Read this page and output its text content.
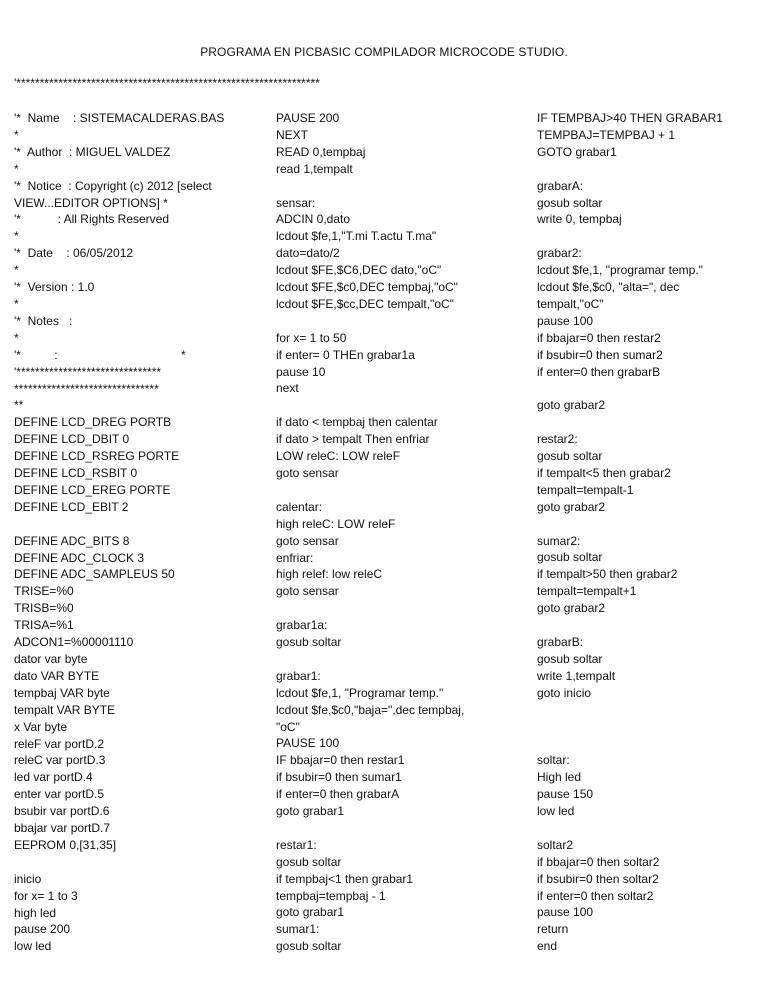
PROGRAMA EN PICBASIC COMPILADOR MICROCODE STUDIO.
'*****************************************************************
'*  Name    : SISTEMACALDERAS.BAS
*
'*  Author  : MIGUEL VALDEZ
*
'*  Notice  : Copyright (c) 2012 [select
VIEW...EDITOR OPTIONS] *
'*           : All Rights Reserved
*
'*  Date    : 06/05/2012
*
'*  Version : 1.0
*
'*  Notes   :
*
'*          :                                     *
'*******************************
*******************************
**
DEFINE LCD_DREG PORTB
DEFINE LCD_DBIT 0
DEFINE LCD_RSREG PORTE
DEFINE LCD_RSBIT 0
DEFINE LCD_EREG PORTE
DEFINE LCD_EBIT 2
DEFINE ADC_BITS 8
DEFINE ADC_CLOCK 3
DEFINE ADC_SAMPLEUS 50
TRISE=%0
TRISB=%0
TRISA=%1
ADCON1=%00001110
dator var byte
dato VAR BYTE
tempbaj VAR byte
tempalt VAR BYTE
x Var byte
releF var portD.2
releC var portD.3
led var portD.4
enter var portD.5
bsubir var portD.6
bbajar var portD.7
EEPROM 0,[31,35]
inicio
for x= 1 to 3
high led
pause 200
low led
PAUSE 200
NEXT
READ 0,tempbaj
read 1,tempalt
sensar:
ADCIN 0,dato
lcdout $fe,1,"T.mi T.actu T.ma"
dato=dato/2
lcdout $FE,$C6,DEC dato,"oC"
lcdout $FE,$c0,DEC tempbaj,"oC"
lcdout $FE,$cc,DEC tempalt,"oC"
for x= 1 to 50
if enter= 0 THEn grabar1a
pause 10
next
if dato < tempbaj then calentar
if dato > tempalt Then enfriar
LOW releC: LOW releF
goto sensar
calentar:
high releC: LOW releF
goto sensar
enfriar:
high relef: low releC
goto sensar
grabar1a:
gosub soltar
grabar1:
lcdout $fe,1, "Programar temp."
lcdout $fe,$c0,"baja=",dec tempbaj,
"oC"
PAUSE 100
IF bbajar=0 then restar1
if bsubir=0 then sumar1
if enter=0 then grabarA
goto grabar1
restar1:
gosub soltar
if tempbaj<1 then grabar1
tempbaj=tempbaj - 1
goto grabar1
sumar1:
gosub soltar
IF TEMPBAJ>40 THEN GRABAR1
TEMPBAJ=TEMPBAJ + 1
GOTO grabar1
grabarA:
gosub soltar
write 0, tempbaj
grabar2:
lcdout $fe,1, "programar temp."
lcdout $fe,$c0, "alta=", dec
tempalt,"oC"
pause 100
if bbajar=0 then restar2
if bsubir=0 then sumar2
if enter=0 then grabarB
goto grabar2
restar2:
gosub soltar
if tempalt<5 then grabar2
tempalt=tempalt-1
goto grabar2
sumar2:
gosub soltar
if tempalt>50 then grabar2
tempalt=tempalt+1
goto grabar2
grabarB:
gosub soltar
write 1,tempalt
goto inicio
soltar:
High led
pause 150
low led
soltar2
if bbajar=0 then soltar2
if bsubir=0 then soltar2
if enter=0 then soltar2
pause 100
return
end
